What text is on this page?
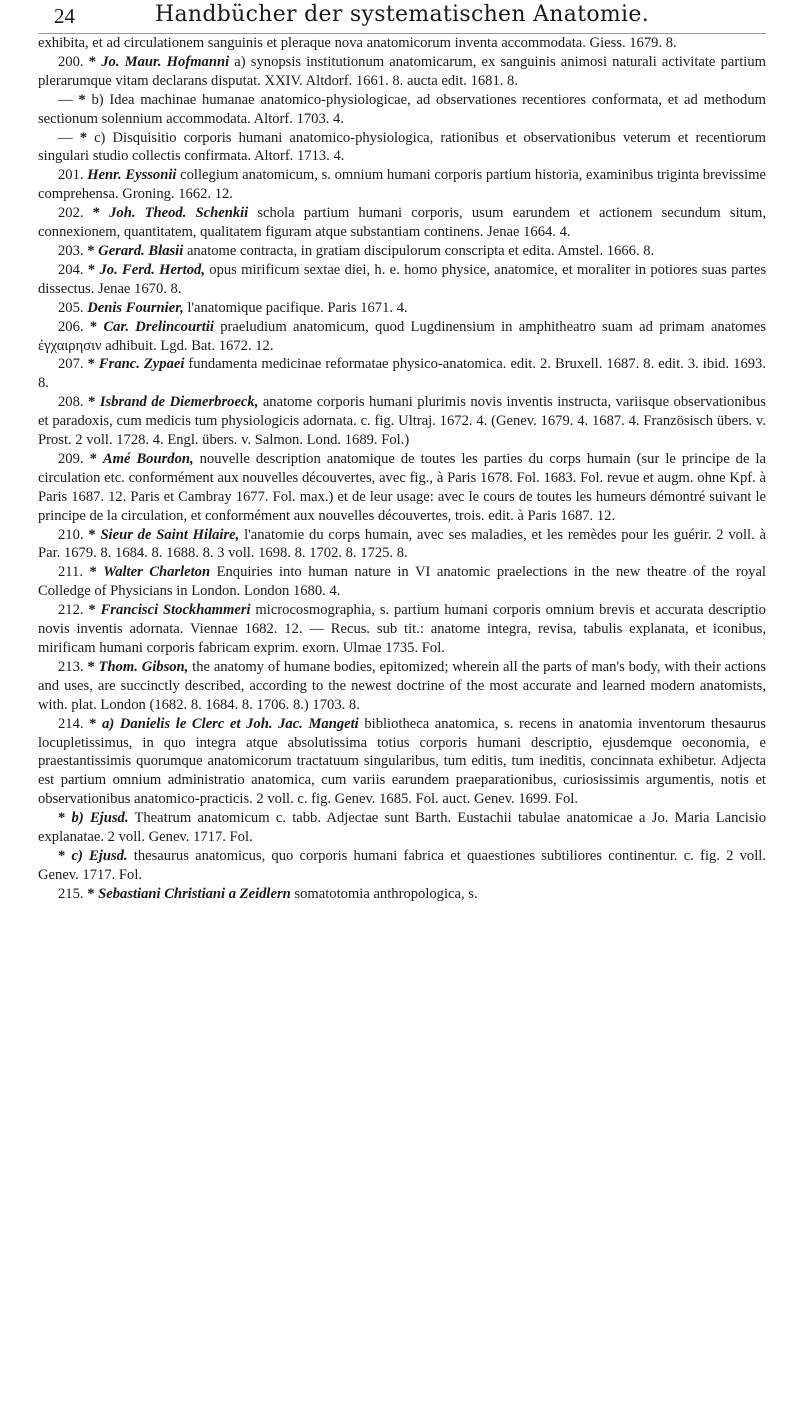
24	Handbücher der systematischen Anatomie.

exhibita, et ad circulationem sanguinis et pleraque nova anatomicorum inventa accommodata. Giess. 1679. 8.

200. * Jo. Maur. Hofmanni a) synopsis institutionum anatomicarum, ex sanguinis animosi naturali activitate partium plerarumque vitam declarans disputat. XXIV. Altdorf. 1661. 8. aucta edit. 1681. 8.

— * b) Idea machinae humanae anatomico-physiologicae, ad observationes recentiores conformata, et ad methodum sectionum solennium accommodata. Altorf. 1703. 4.

— * c) Disquisitio corporis humani anatomico-physiologica, rationibus et observationibus veterum et recentiorum singulari studio collectis confirmata. Altorf. 1713. 4.

201. Henr. Eyssonii collegium anatomicum, s. omnium humani corporis partium historia, examinibus triginta brevissime comprehensa. Groning. 1662. 12.

202. * Joh. Theod. Schenkii schola partium humani corporis, usum earundem et actionem secundum situm, connexionem, quantitatem, qualitatem figuram atque substantiam continens. Jenae 1664. 4.

203. * Gerard. Blasii anatome contracta, in gratiam discipulorum conscripta et edita. Amstel. 1666. 8.

204. * Jo. Ferd. Hertod, opus mirificum sextae diei, h. e. homo physice, anatomice, et moraliter in potiores suas partes dissectus. Jenae 1670. 8.

205. Denis Fournier, l'anatomique pacifique. Paris 1671. 4.

206. * Car. Drelincourtii praeludium anatomicum, quod Lugdinensium in amphitheatro suam ad primam anatomes ἐγχαιρησιν adhibuit. Lgd. Bat. 1672. 12.

207. * Franc. Zypaei fundamenta medicinae reformatae physico-anatomica. edit. 2. Bruxell. 1687. 8. edit. 3. ibid. 1693. 8.

208. * Isbrand de Diemerbroeck, anatome corporis humani plurimis novis inventis instructa, variisque observationibus et paradoxis, cum medicis tum physiologicis adornata. c. fig. Ultraj. 1672. 4. (Genev. 1679. 4. 1687. 4. Französisch übers. v. Prost. 2 voll. 1728. 4. Engl. übers. v. Salmon. Lond. 1689. Fol.)

209. * Amé Bourdon, nouvelle description anatomique de toutes les parties du corps humain (sur le principe de la circulation etc. conformément aux nouvelles découvertes, avec fig., à Paris 1678. Fol. 1683. Fol. revue et augm. ohne Kpf. à Paris 1687. 12. Paris et Cambray 1677. Fol. max.) et de leur usage: avec le cours de toutes les humeurs démontré suivant le principe de la circulation, et conformément aux nouvelles découvertes, trois. edit. à Paris 1687. 12.

210. * Sieur de Saint Hilaire, l'anatomie du corps humain, avec ses maladies, et les remèdes pour les guérir. 2 voll. à Par. 1679. 8. 1684. 8. 1688. 8. 3 voll. 1698. 8. 1702. 8. 1725. 8.

211. * Walter Charleton Enquiries into human nature in VI anatomic praelections in the new theatre of the royal Colledge of Physicians in London. London 1680. 4.

212. * Francisci Stockhammeri microcosmographia, s. partium humani corporis omnium brevis et accurata descriptio novis inventis adornata. Viennae 1682. 12. — Recus. sub tit.: anatome integra, revisa, tabulis explanata, et iconibus, mirificam humani corporis fabricam exprim. exorn. Ulmae 1735. Fol.

213. * Thom. Gibson, the anatomy of humane bodies, epitomized; wherein all the parts of man's body, with their actions and uses, are succinctly described, according to the newest doctrine of the most accurate and learned modern anatomists, with. plat. London (1682. 8. 1684. 8. 1706. 8.) 1703. 8.

214. * a) Danielis le Clerc et Joh. Jac. Mangeti bibliotheca anatomica, s. recens in anatomia inventorum thesaurus locupletissimus, in quo integra atque absolutissima totius corporis humani descriptio, ejusdemque oeconomia, e praestantissimis quorumque anatomicorum tractatuum singularibus, tum editis, tum ineditis, concinnata exhibetur. Adjecta est partium omnium administratio anatomica, cum variis earundem praeparationibus, curiosissimis argumentis, notis et observationibus anatomico-practicis. 2 voll. c. fig. Genev. 1685. Fol. auct. Genev. 1699. Fol.

* b) Ejusd. Theatrum anatomicum c. tabb. Adjectae sunt Barth. Eustachii tabulae anatomicae a Jo. Maria Lancisio explanatae. 2 voll. Genev. 1717. Fol.

* c) Ejusd. thesaurus anatomicus, quo corporis humani fabrica et quaestiones subtiliores continentur. c. fig. 2 voll. Genev. 1717. Fol.

215. * Sebastiani Christiani a Zeidlern somatotomia anthropologica, s.
